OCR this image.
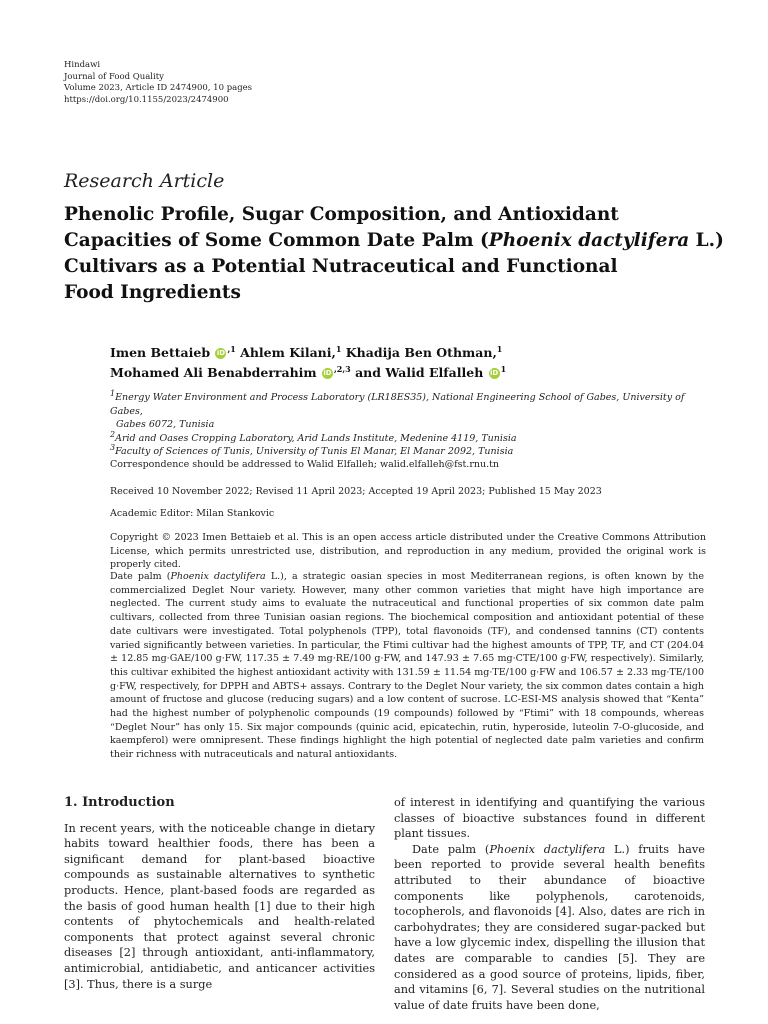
Hindawi
Journal of Food Quality
Volume 2023, Article ID 2474900, 10 pages
https://doi.org/10.1155/2023/2474900
Research Article
Phenolic Profile, Sugar Composition, and Antioxidant
Capacities of Some Common Date Palm (Phoenix dactylifera L.)
Cultivars as a Potential Nutraceutical and Functional
Food Ingredients
Imen Bettaieb iD $^{,1}$ Ahlem Kilani,$^1$ Khadija Ben Othman,$^1$
Mohamed Ali Benabderrahim iD $^{,2,3}$ and Walid Elfalleh iD $^1$
$^1$Energy Water Environment and Process Laboratory (LR18ES35), National Engineering School of Gabes, University of Gabes,
Gabes 6072, Tunisia
$^2$Arid and Oases Cropping Laboratory, Arid Lands Institute, Medenine 4119, Tunisia
$^3$Faculty of Sciences of Tunis, University of Tunis El Manar, El Manar 2092, Tunisia
Correspondence should be addressed to Walid Elfalleh; walid.elfalleh@fst.rnu.tn
Received 10 November 2022; Revised 11 April 2023; Accepted 19 April 2023; Published 15 May 2023
Academic Editor: Milan Stankovic
Copyright © 2023 Imen Bettaieb et al. This is an open access article distributed under the Creative Commons Attribution License, which permits unrestricted use, distribution, and reproduction in any medium, provided the original work is properly cited.
Date palm (Phoenix dactylifera L.), a strategic oasian species in most Mediterranean regions, is often known by the commercialized Deglet Nour variety. However, many other common varieties that might have high importance are neglected. The current study aims to evaluate the nutraceutical and functional properties of six common date palm cultivars, collected from three Tunisian oasian regions. The biochemical composition and antioxidant potential of these date cultivars were investigated. Total polyphenols (TPP), total flavonoids (TF), and condensed tannins (CT) contents varied significantly between varieties. In particular, the Ftimi cultivar had the highest amounts of TPP, TF, and CT (204.04 ± 12.85 mg·GAE/100 g·FW, 117.35 ± 7.49 mg·RE/100 g·FW, and 147.93 ± 7.65 mg·CTE/100 g·FW, respectively). Similarly, this cultivar exhibited the highest antioxidant activity with 131.59 ± 11.54 mg·TE/100 g·FW and 106.57 ± 2.33 mg·TE/100 g·FW, respectively, for DPPH and ABTS+ assays. Contrary to the Deglet Nour variety, the six common dates contain a high amount of fructose and glucose (reducing sugars) and a low content of sucrose. LC-ESI-MS analysis showed that “Kenta” had the highest number of polyphenolic compounds (19 compounds) followed by “Ftimi” with 18 compounds, whereas “Deglet Nour” has only 15. Six major compounds (quinic acid, epicatechin, rutin, hyperoside, luteolin 7-O-glucoside, and kaempferol) were omnipresent. These findings highlight the high potential of neglected date palm varieties and confirm their richness with nutraceuticals and natural antioxidants.
1. Introduction

In recent years, with the noticeable change in dietary habits toward healthier foods, there has been a significant demand for plant-based bioactive compounds as sustainable alternatives to synthetic products. Hence, plant-based foods are regarded as the basis of good human health [1] due to their high contents of phytochemicals and health-related components that protect against several chronic diseases [2] through antioxidant, anti-inflammatory, antimicrobial, antidiabetic, and anticancer activities [3]. Thus, there is a surge

of interest in identifying and quantifying the various classes of bioactive substances found in different plant tissues.

Date palm (Phoenix dactylifera L.) fruits have been reported to provide several health benefits attributed to their abundance of bioactive components like polyphenols, carotenoids, tocopherols, and flavonoids [4]. Also, dates are rich in carbohydrates; they are considered sugar-packed but have a low glycemic index, dispelling the illusion that dates are comparable to candies [5]. They are considered as a good source of proteins, lipids, fiber, and vitamins [6, 7]. Several studies on the nutritional value of date fruits have been done,
